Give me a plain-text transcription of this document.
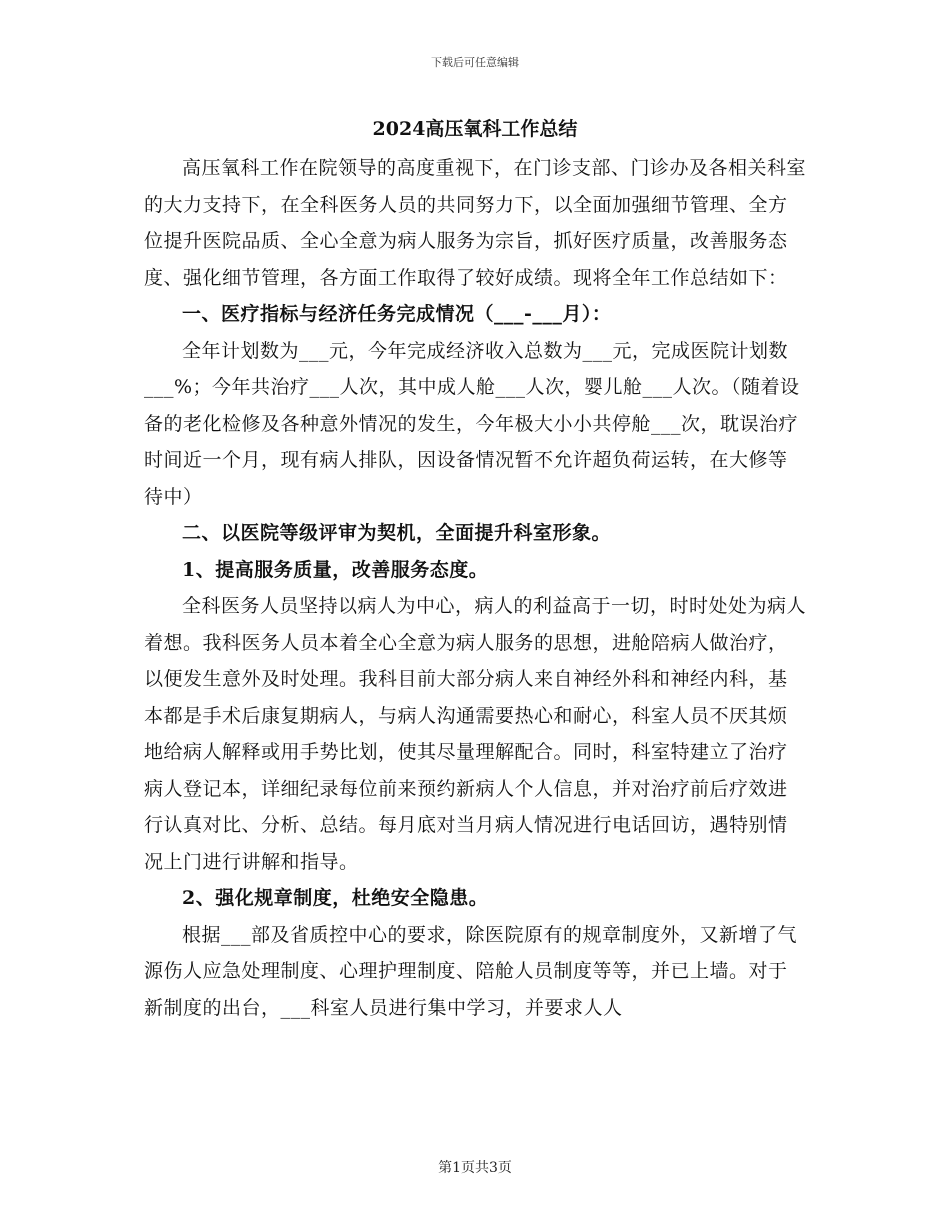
下载后可任意编辑
2024高压氧科工作总结

高压氧科工作在院领导的高度重视下，在门诊支部、门诊办及各相关科室的大力支持下，在全科医务人员的共同努力下，以全面加强细节管理、全方位提升医院品质、全心全意为病人服务为宗旨，抓好医疗质量，改善服务态度、强化细节管理，各方面工作取得了较好成绩。现将全年工作总结如下：

一、医疗指标与经济任务完成情况（___-___月）：

全年计划数为___元，今年完成经济收入总数为___元，完成医院计划数___%；今年共治疗___人次，其中成人舱___人次，婴儿舱___人次。（随着设备的老化检修及各种意外情况的发生，今年极大小小共停舱___次，耽误治疗时间近一个月，现有病人排队，因设备情况暂不允许超负荷运转，在大修等待中）

二、以医院等级评审为契机，全面提升科室形象。

1、提高服务质量，改善服务态度。

全科医务人员坚持以病人为中心，病人的利益高于一切，时时处处为病人着想。我科医务人员本着全心全意为病人服务的思想，进舱陪病人做治疗，以便发生意外及时处理。我科目前大部分病人来自神经外科和神经内科，基本都是手术后康复期病人，与病人沟通需要热心和耐心，科室人员不厌其烦地给病人解释或用手势比划，使其尽量理解配合。同时，科室特建立了治疗病人登记本，详细纪录每位前来预约新病人个人信息，并对治疗前后疗效进行认真对比、分析、总结。每月底对当月病人情况进行电话回访，遇特别情况上门进行讲解和指导。

2、强化规章制度，杜绝安全隐患。

根据___部及省质控中心的要求，除医院原有的规章制度外，又新增了气源伤人应急处理制度、心理护理制度、陪舱人员制度等等，并已上墙。对于新制度的出台，___科室人员进行集中学习，并要求人人

第1页共3页
